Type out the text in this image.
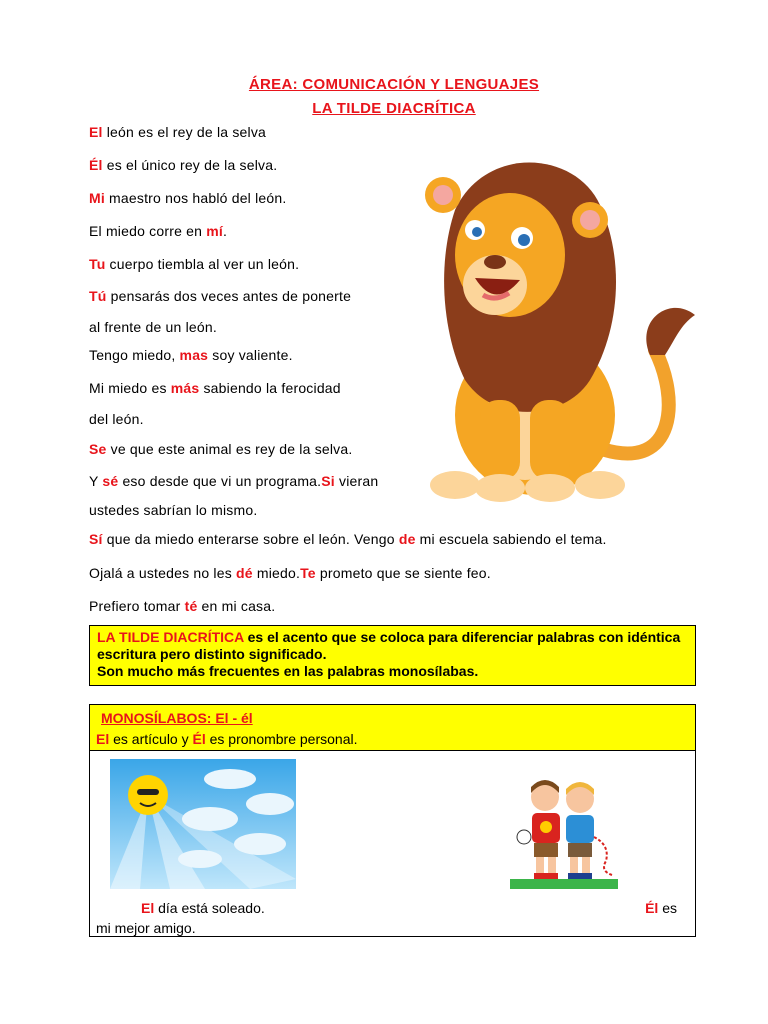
ÁREA: COMUNICACIÓN Y LENGUAJES
LA TILDE DIACRÍTICA
El león es el rey de la selva
Él es el único rey de la selva.
Mi maestro nos habló del león.
El miedo corre en mí.
Tu cuerpo tiembla al ver un león.
Tú pensarás dos veces antes de ponerte
al frente de un león.
Tengo miedo, mas soy valiente.
Mi miedo es más sabiendo la ferocidad
del león.
Se ve que este animal es rey de la selva.
Y sé eso desde que vi un programa.Si vieran
ustedes sabrían lo mismo.
Sí que da miedo enterarse sobre el león. Vengo de mi escuela sabiendo el tema.
Ojalá a ustedes no les dé miedo.Te prometo que se siente feo.
Prefiero tomar té en mi casa.
LA TILDE DIACRÍTICA es el acento que se coloca para diferenciar palabras con idéntica escritura pero distinto significado.
Son mucho más frecuentes en las palabras monosílabas.
MONOSÍLABOS: El - él
El es artículo y Él es pronombre personal.
El día está soleado.	Él es
mi mejor amigo.
